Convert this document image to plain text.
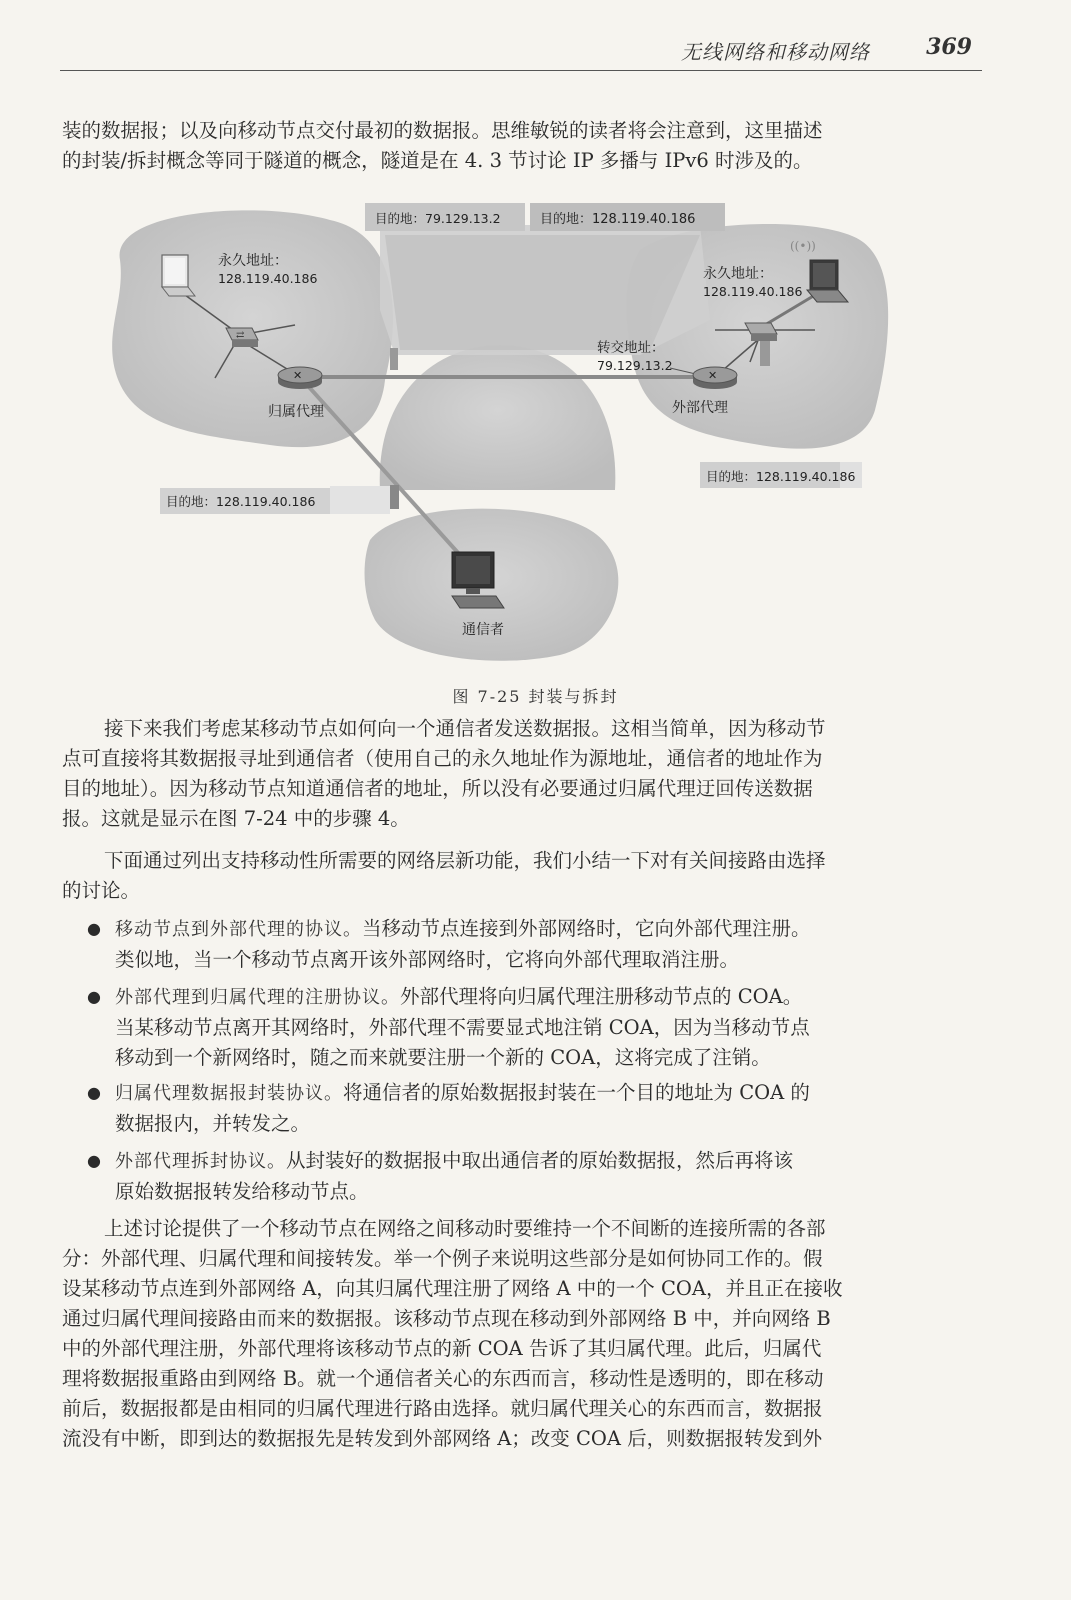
无线网络和移动网络	369
装的数据报；以及向移动节点交付最初的数据报。思维敏锐的读者将会注意到，这里描述
的封装/拆封概念等同于隧道的概念，隧道是在 4. 3 节讨论 IP 多播与 IPv6 时涉及的。
目的地：79.129.13.2	目的地：128.119.40.186
⇄
✕
归属代理
永久地址：
128.119.40.186
((•))
永久地址：
128.119.40.186
转交地址：
79.129.13.2
✕
外部代理
目的地：128.119.40.186
目的地：128.119.40.186
通信者
图 7-25 封装与拆封
接下来我们考虑某移动节点如何向一个通信者发送数据报。这相当简单，因为移动节
点可直接将其数据报寻址到通信者（使用自己的永久地址作为源地址，通信者的地址作为
目的地址）。因为移动节点知道通信者的地址，所以没有必要通过归属代理迂回传送数据
报。这就是显示在图 7-24 中的步骤 4。
下面通过列出支持移动性所需要的网络层新功能，我们小结一下对有关间接路由选择
的讨论。
● 移动节点到外部代理的协议。当移动节点连接到外部网络时，它向外部代理注册。
类似地，当一个移动节点离开该外部网络时，它将向外部代理取消注册。
● 外部代理到归属代理的注册协议。外部代理将向归属代理注册移动节点的 COA。
当某移动节点离开其网络时，外部代理不需要显式地注销 COA，因为当移动节点
移动到一个新网络时，随之而来就要注册一个新的 COA，这将完成了注销。
● 归属代理数据报封装协议。将通信者的原始数据报封装在一个目的地址为 COA 的
数据报内，并转发之。
● 外部代理拆封协议。从封装好的数据报中取出通信者的原始数据报，然后再将该
原始数据报转发给移动节点。
上述讨论提供了一个移动节点在网络之间移动时要维持一个不间断的连接所需的各部
分：外部代理、归属代理和间接转发。举一个例子来说明这些部分是如何协同工作的。假
设某移动节点连到外部网络 A，向其归属代理注册了网络 A 中的一个 COA，并且正在接收
通过归属代理间接路由而来的数据报。该移动节点现在移动到外部网络 B 中，并向网络 B
中的外部代理注册，外部代理将该移动节点的新 COA 告诉了其归属代理。此后，归属代
理将数据报重路由到网络 B。就一个通信者关心的东西而言，移动性是透明的，即在移动
前后，数据报都是由相同的归属代理进行路由选择。就归属代理关心的东西而言，数据报
流没有中断，即到达的数据报先是转发到外部网络 A；改变 COA 后，则数据报转发到外
